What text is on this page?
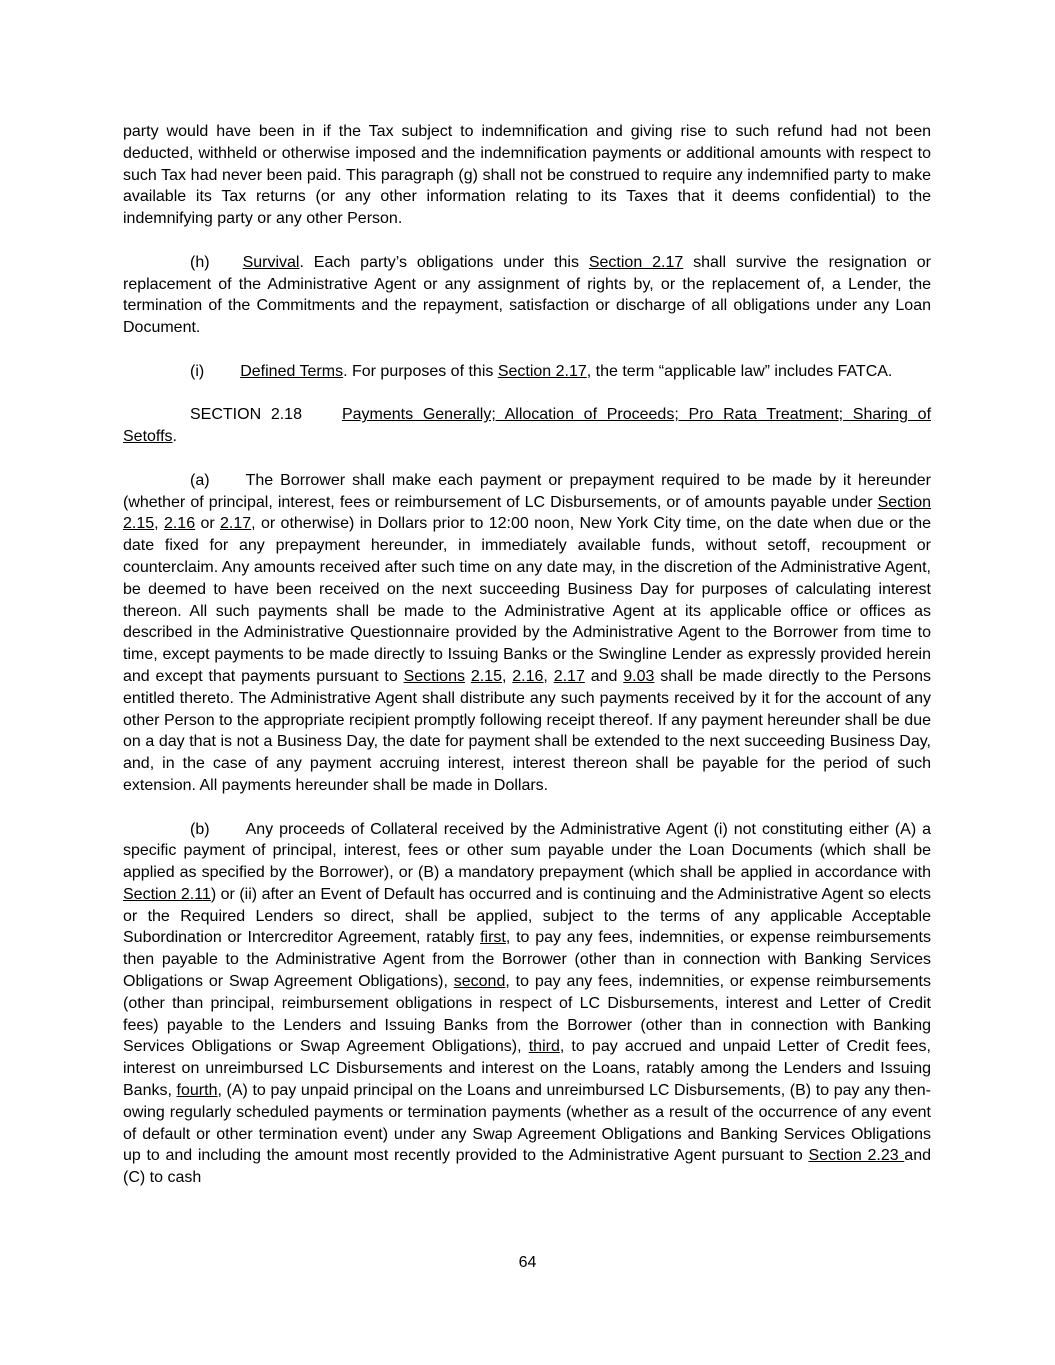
party would have been in if the Tax subject to indemnification and giving rise to such refund had not been deducted, withheld or otherwise imposed and the indemnification payments or additional amounts with respect to such Tax had never been paid. This paragraph (g) shall not be construed to require any indemnified party to make available its Tax returns (or any other information relating to its Taxes that it deems confidential) to the indemnifying party or any other Person.

(h) Survival. Each party’s obligations under this Section 2.17 shall survive the resignation or replacement of the Administrative Agent or any assignment of rights by, or the replacement of, a Lender, the termination of the Commitments and the repayment, satisfaction or discharge of all obligations under any Loan Document.

(i) Defined Terms. For purposes of this Section 2.17, the term “applicable law” includes FATCA.

SECTION 2.18	Payments Generally; Allocation of Proceeds; Pro Rata Treatment; Sharing of Setoffs.

(a) The Borrower shall make each payment or prepayment required to be made by it hereunder (whether of principal, interest, fees or reimbursement of LC Disbursements, or of amounts payable under Section 2.15, 2.16 or 2.17, or otherwise) in Dollars prior to 12:00 noon, New York City time, on the date when due or the date fixed for any prepayment hereunder, in immediately available funds, without setoff, recoupment or counterclaim. Any amounts received after such time on any date may, in the discretion of the Administrative Agent, be deemed to have been received on the next succeeding Business Day for purposes of calculating interest thereon. All such payments shall be made to the Administrative Agent at its applicable office or offices as described in the Administrative Questionnaire provided by the Administrative Agent to the Borrower from time to time, except payments to be made directly to Issuing Banks or the Swingline Lender as expressly provided herein and except that payments pursuant to Sections 2.15, 2.16, 2.17 and 9.03 shall be made directly to the Persons entitled thereto. The Administrative Agent shall distribute any such payments received by it for the account of any other Person to the appropriate recipient promptly following receipt thereof. If any payment hereunder shall be due on a day that is not a Business Day, the date for payment shall be extended to the next succeeding Business Day, and, in the case of any payment accruing interest, interest thereon shall be payable for the period of such extension. All payments hereunder shall be made in Dollars.

(b) Any proceeds of Collateral received by the Administrative Agent (i) not constituting either (A) a specific payment of principal, interest, fees or other sum payable under the Loan Documents (which shall be applied as specified by the Borrower), or (B) a mandatory prepayment (which shall be applied in accordance with Section 2.11) or (ii) after an Event of Default has occurred and is continuing and the Administrative Agent so elects or the Required Lenders so direct, shall be applied, subject to the terms of any applicable Acceptable Subordination or Intercreditor Agreement, ratably first, to pay any fees, indemnities, or expense reimbursements then payable to the Administrative Agent from the Borrower (other than in connection with Banking Services Obligations or Swap Agreement Obligations), second, to pay any fees, indemnities, or expense reimbursements (other than principal, reimbursement obligations in respect of LC Disbursements, interest and Letter of Credit fees) payable to the Lenders and Issuing Banks from the Borrower (other than in connection with Banking Services Obligations or Swap Agreement Obligations), third, to pay accrued and unpaid Letter of Credit fees, interest on unreimbursed LC Disbursements and interest on the Loans, ratably among the Lenders and Issuing Banks, fourth, (A) to pay unpaid principal on the Loans and unreimbursed LC Disbursements, (B) to pay any then-owing regularly scheduled payments or termination payments (whether as a result of the occurrence of any event of default or other termination event) under any Swap Agreement Obligations and Banking Services Obligations up to and including the amount most recently provided to the Administrative Agent pursuant to Section 2.23 and (C) to cash

64
